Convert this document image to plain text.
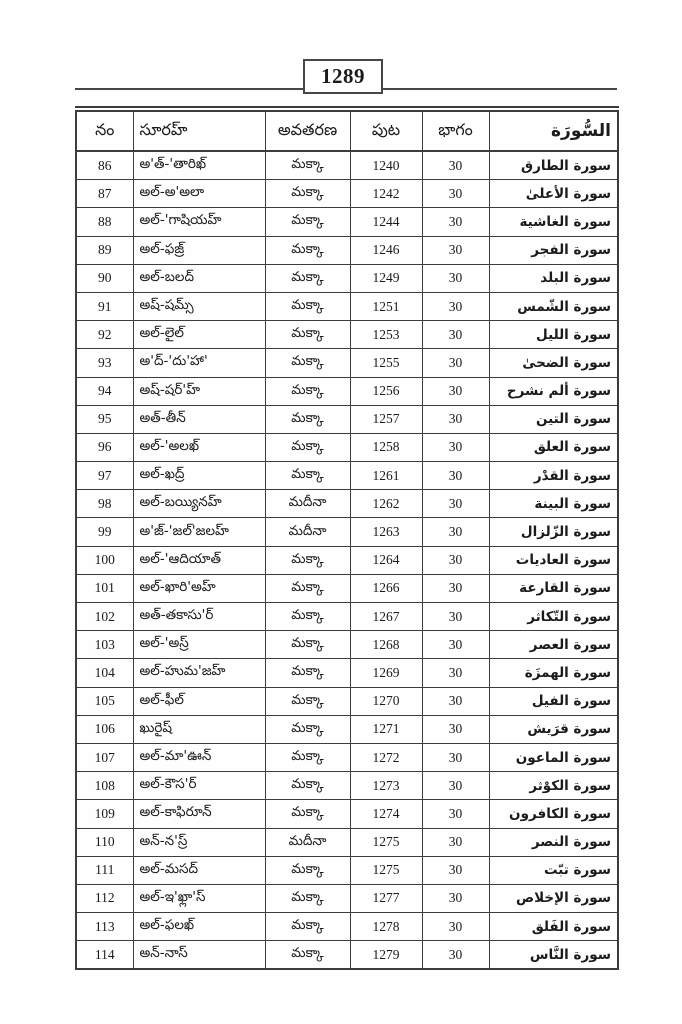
1289
నం	సూరహ్	అవతరణ	పుట	భాగం	السُّورَة
86	అ'త్-'తారిఖ్	మక్కా	1240	30	سورة الطارق
87	అల్-అ'అలా	మక్కా	1242	30	سورة الأعلىٰ
88	అల్-'గాషియహ్	మక్కా	1244	30	سورة الغاشية
89	అల్-ఫజ్ర్	మక్కా	1246	30	سورة الفجر
90	అల్-బలద్	మక్కా	1249	30	سورة البلد
91	అష్-షమ్స్	మక్కా	1251	30	سورة الشّمس
92	అల్-లైల్	మక్కా	1253	30	سورة الليل
93	అ'ద్-'దు'హా'	మక్కా	1255	30	سورة الضحىٰ
94	అష్-షర్'హ్	మక్కా	1256	30	سورة ألم نشرح
95	అత్-తీన్	మక్కా	1257	30	سورة التين
96	అల్-'అలఖ్	మక్కా	1258	30	سورة العلق
97	అల్-ఖద్ర్	మక్కా	1261	30	سورة القدْر
98	అల్-బయ్యినహ్	మదీనా	1262	30	سورة البينة
99	అ'జ్-'జల్'జలహ్	మదీనా	1263	30	سورة الزّلزال
100	అల్-'ఆదియాత్	మక్కా	1264	30	سورة العاديات
101	అల్-ఖారి'అహ్	మక్కా	1266	30	سورة القارعة
102	అత్-తకాసు'ర్	మక్కా	1267	30	سورة التّكاثر
103	అల్-'అస్ర్	మక్కా	1268	30	سورة العصر
104	అల్-హుమ'జహ్	మక్కా	1269	30	سورة الهمزَة
105	అల్-ఫీల్	మక్కా	1270	30	سورة الفيل
106	ఖురైష్	మక్కా	1271	30	سورة قرَيش
107	అల్-మా'ఊన్	మక్కా	1272	30	سورة الماعون
108	అల్-కౌస'ర్	మక్కా	1273	30	سورة الكوْثر
109	అల్-కాఫిరూన్	మక్కా	1274	30	سورة الكافرون
110	అన్-న'స్ర్	మదీనా	1275	30	سورة النصر
111	అల్-మసద్	మక్కా	1275	30	سورة تبّت
112	అల్-ఇ'ఖ్లా'స్	మక్కా	1277	30	سورة الإخلاص
113	అల్-ఫలఖ్	మక్కా	1278	30	سورة الفَلق
114	అన్-నాస్	మక్కా	1279	30	سورة النَّاس
